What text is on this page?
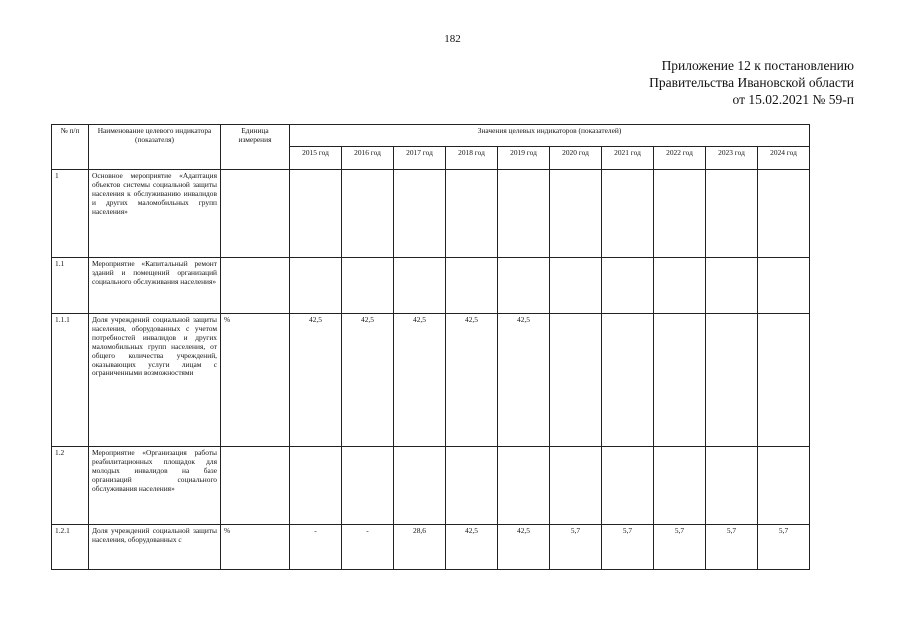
182
Приложение 12 к постановлению
Правительства Ивановской области
от 15.02.2021 № 59-п
№ п/п	Наименование целевого индикатора (показателя)	Единица измерения	Значения целевых индикаторов (показателей)									
			2015 год	2016 год	2017 год	2018 год	2019 год	2020 год	2021 год	2022 год	2023 год	2024 год
1	Основное мероприятие «Адаптация объектов системы социальной защиты населения к обслуживанию инвалидов и других маломобильных групп населения»											
1.1	Мероприятие «Капитальный ремонт зданий и помещений организаций социального обслуживания населения»											
1.1.1	Доля учреждений социальной защиты населения, оборудованных с учетом потребностей инвалидов и других маломобильных групп населения, от общего количества учреждений, оказывающих услуги лицам с ограниченными возможностями	%	42,5	42,5	42,5	42,5	42,5					
1.2	Мероприятие «Организация работы реабилитационных площадок для молодых инвалидов на базе организаций социального обслуживания населения»											
1.2.1	Доля учреждений социальной защиты населения, оборудованных с	%	-	-	28,6	42,5	42,5	5,7	5,7	5,7	5,7	5,7
